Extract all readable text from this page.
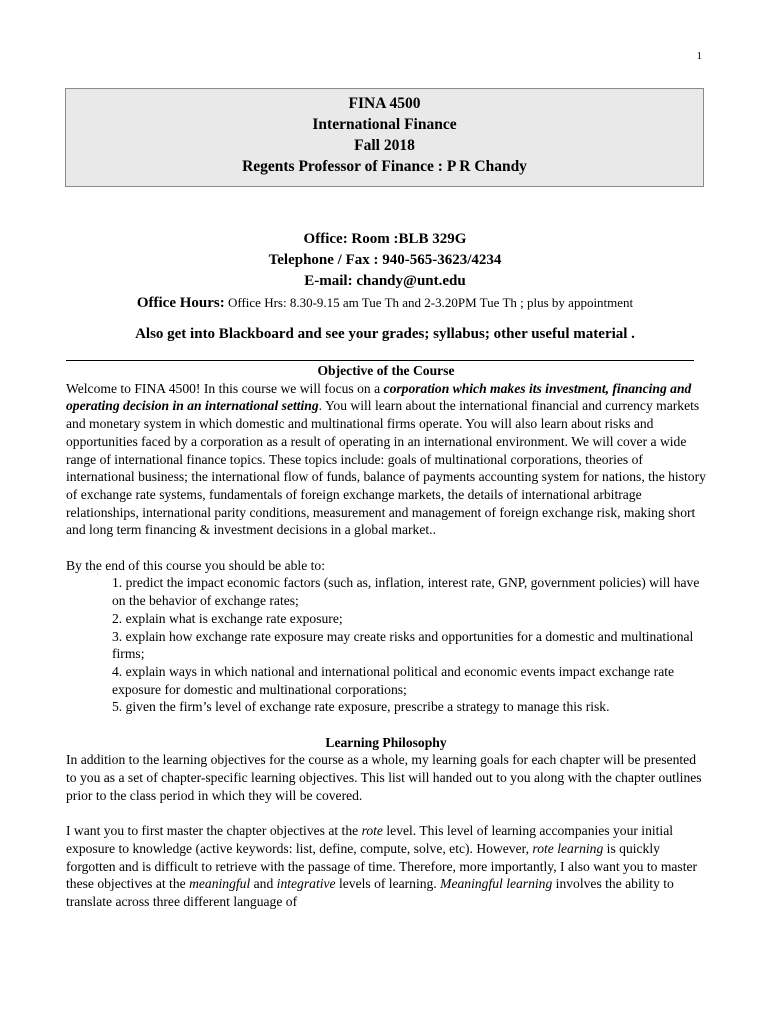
1
FINA 4500
International Finance
Fall 2018
Regents Professor of Finance : P R Chandy
Office: Room :BLB 329G
Telephone / Fax : 940-565-3623/4234
E-mail: chandy@unt.edu
Office Hours: Office Hrs: 8.30-9.15 am Tue Th and 2-3.20PM Tue Th ; plus by appointment
Also get into Blackboard and see your grades; syllabus; other useful material .
Objective of the Course

Welcome to FINA 4500! In this course we will focus on a corporation which makes its investment, financing and operating decision in an international setting. You will learn about the international financial and currency markets and monetary system in which domestic and multinational firms operate. You will also learn about risks and opportunities faced by a corporation as a result of operating in an international environment. We will cover a wide range of international finance topics. These topics include: goals of multinational corporations, theories of international business; the international flow of funds, balance of payments accounting system for nations, the history of exchange rate systems, fundamentals of foreign exchange markets, the details of international arbitrage relationships, international parity conditions, measurement and management of foreign exchange risk, making short and long term financing & investment decisions in a global market..

By the end of this course you should be able to:

1. predict the impact economic factors (such as, inflation, interest rate, GNP, government policies) will have on the behavior of exchange rates;

2. explain what is exchange rate exposure;

3. explain how exchange rate exposure may create risks and opportunities for a domestic and multinational firms;

4. explain ways in which national and international political and economic events impact exchange rate exposure for domestic and multinational corporations;

5. given the firm’s level of exchange rate exposure, prescribe a strategy to manage this risk.

Learning Philosophy

In addition to the learning objectives for the course as a whole, my learning goals for each chapter will be presented to you as a set of chapter-specific learning objectives. This list will handed out to you along with the chapter outlines prior to the class period in which they will be covered.

I want you to first master the chapter objectives at the rote level. This level of learning accompanies your initial exposure to knowledge (active keywords: list, define, compute, solve, etc). However, rote learning is quickly forgotten and is difficult to retrieve with the passage of time. Therefore, more importantly, I also want you to master these objectives at the meaningful and integrative levels of learning. Meaningful learning involves the ability to translate across three different language of
